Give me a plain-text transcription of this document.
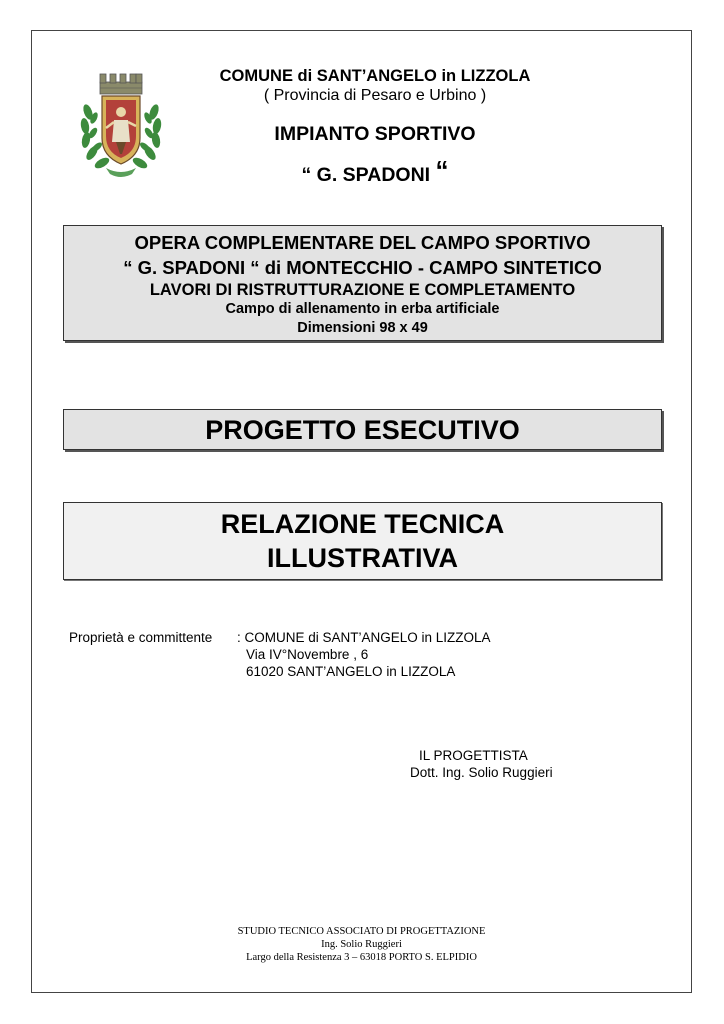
COMUNE di SANT’ANGELO in LIZZOLA
( Provincia di Pesaro e Urbino )
IMPIANTO SPORTIVO
“ G. SPADONI “
OPERA COMPLEMENTARE DEL CAMPO SPORTIVO
“ G. SPADONI “ di MONTECCHIO - CAMPO SINTETICO
LAVORI DI RISTRUTTURAZIONE E COMPLETAMENTO
Campo di allenamento in erba artificiale
Dimensioni 98 x 49
PROGETTO ESECUTIVO
RELAZIONE TECNICA
ILLUSTRATIVA
Proprietà e committente : COMUNE di SANT’ANGELO in LIZZOLA
Via IV°Novembre , 6
61020 SANT’ANGELO in LIZZOLA
IL PROGETTISTA
Dott. Ing. Solio Ruggieri
STUDIO TECNICO ASSOCIATO DI PROGETTAZIONE
Ing. Solio Ruggieri
Largo della Resistenza 3 – 63018 PORTO S. ELPIDIO
